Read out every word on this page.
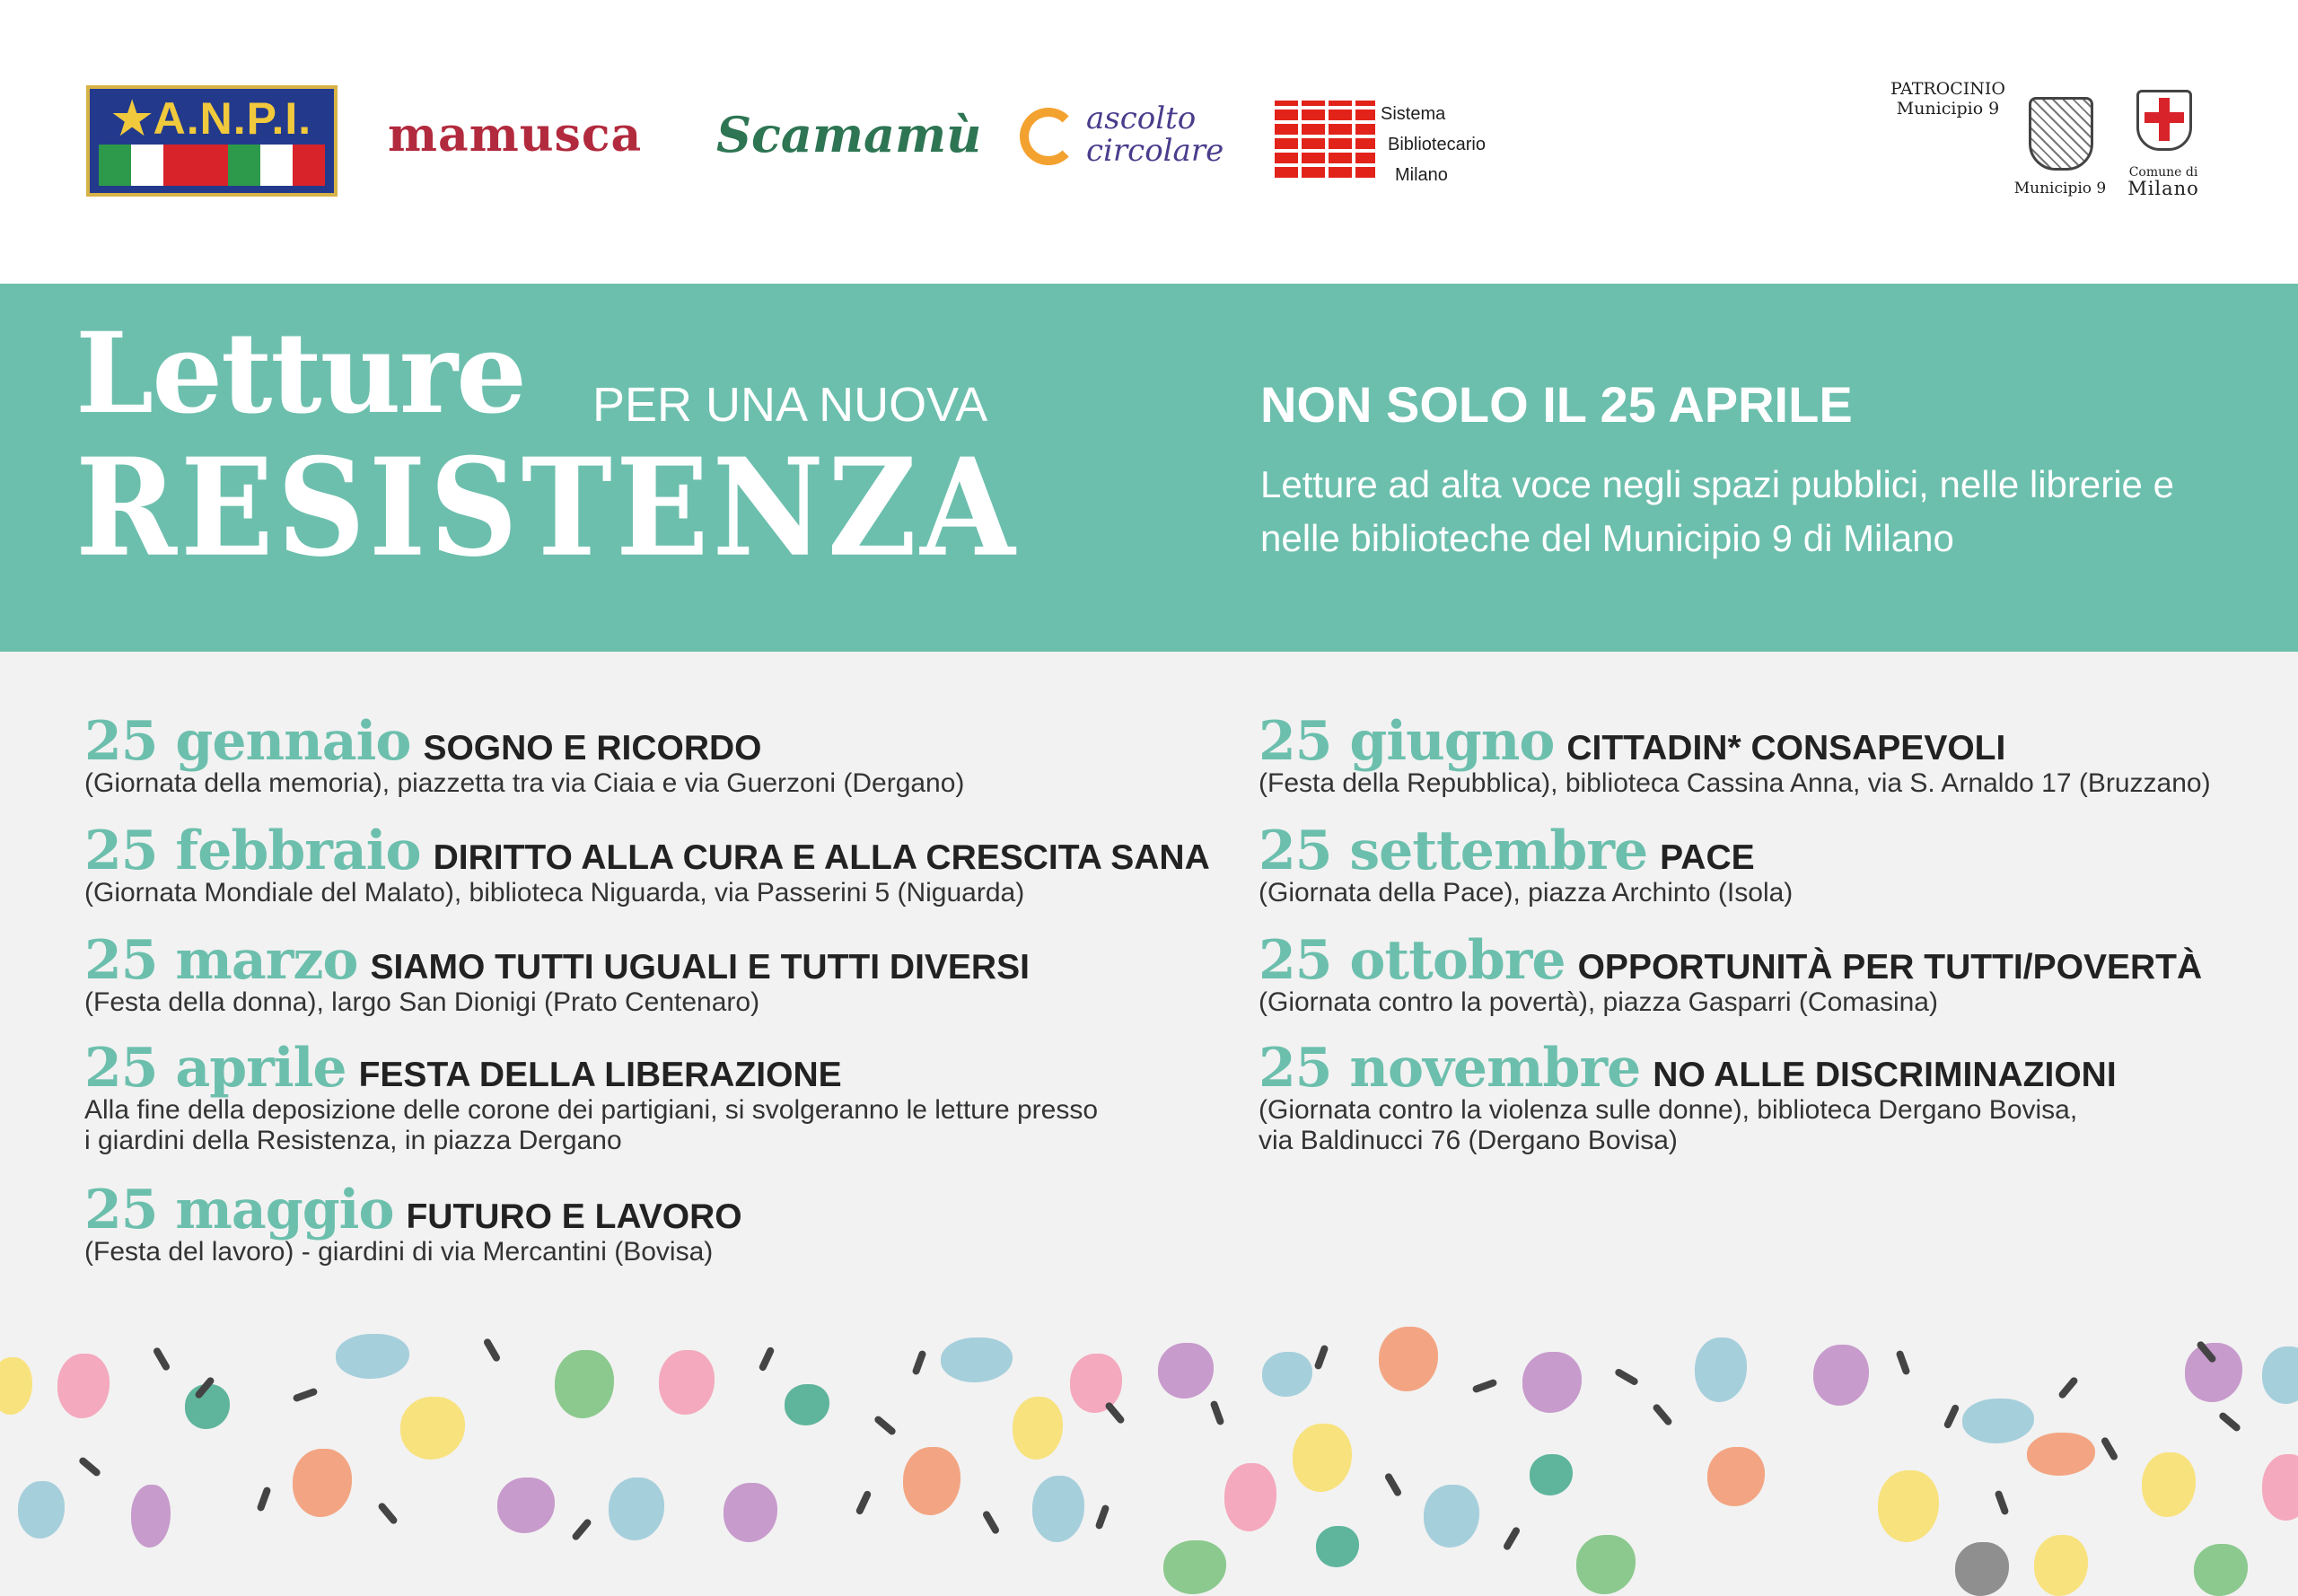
★A.N.P.I.	mamusca Scamamù	ascolto
circolare
Sistema
Bibliotecario
Milano
PATROCINIO
Municipio 9
Municipio 9
Comune di
Milano
Letture PER UNA NUOVA
RESISTENZA
NON SOLO IL 25 APRILE
Letture ad alta voce negli spazi pubblici, nelle librerie e nelle biblioteche del Municipio 9 di Milano
25 gennaio SOGNO E RICORDO
(Giornata della memoria), piazzetta tra via Ciaia e via Guerzoni (Dergano)
25 febbraio DIRITTO ALLA CURA E ALLA CRESCITA SANA
(Giornata Mondiale del Malato), biblioteca Niguarda, via Passerini 5 (Niguarda)
25 marzo SIAMO TUTTI UGUALI E TUTTI DIVERSI
(Festa della donna), largo San Dionigi (Prato Centenaro)
25 aprile FESTA DELLA LIBERAZIONE
Alla fine della deposizione delle corone dei partigiani, si svolgeranno le letture presso
i giardini della Resistenza, in piazza Dergano
25 maggio FUTURO E LAVORO
(Festa del lavoro) - giardini di via Mercantini (Bovisa)
25 giugno CITTADIN* CONSAPEVOLI
(Festa della Repubblica), biblioteca Cassina Anna, via S. Arnaldo 17 (Bruzzano)
25 settembre PACE
(Giornata della Pace), piazza Archinto (Isola)
25 ottobre OPPORTUNITÀ PER TUTTI/POVERTÀ
(Giornata contro la povertà), piazza Gasparri (Comasina)
25 novembre NO ALLE DISCRIMINAZIONI
(Giornata contro la violenza sulle donne), biblioteca Dergano Bovisa,
via Baldinucci 76 (Dergano Bovisa)
